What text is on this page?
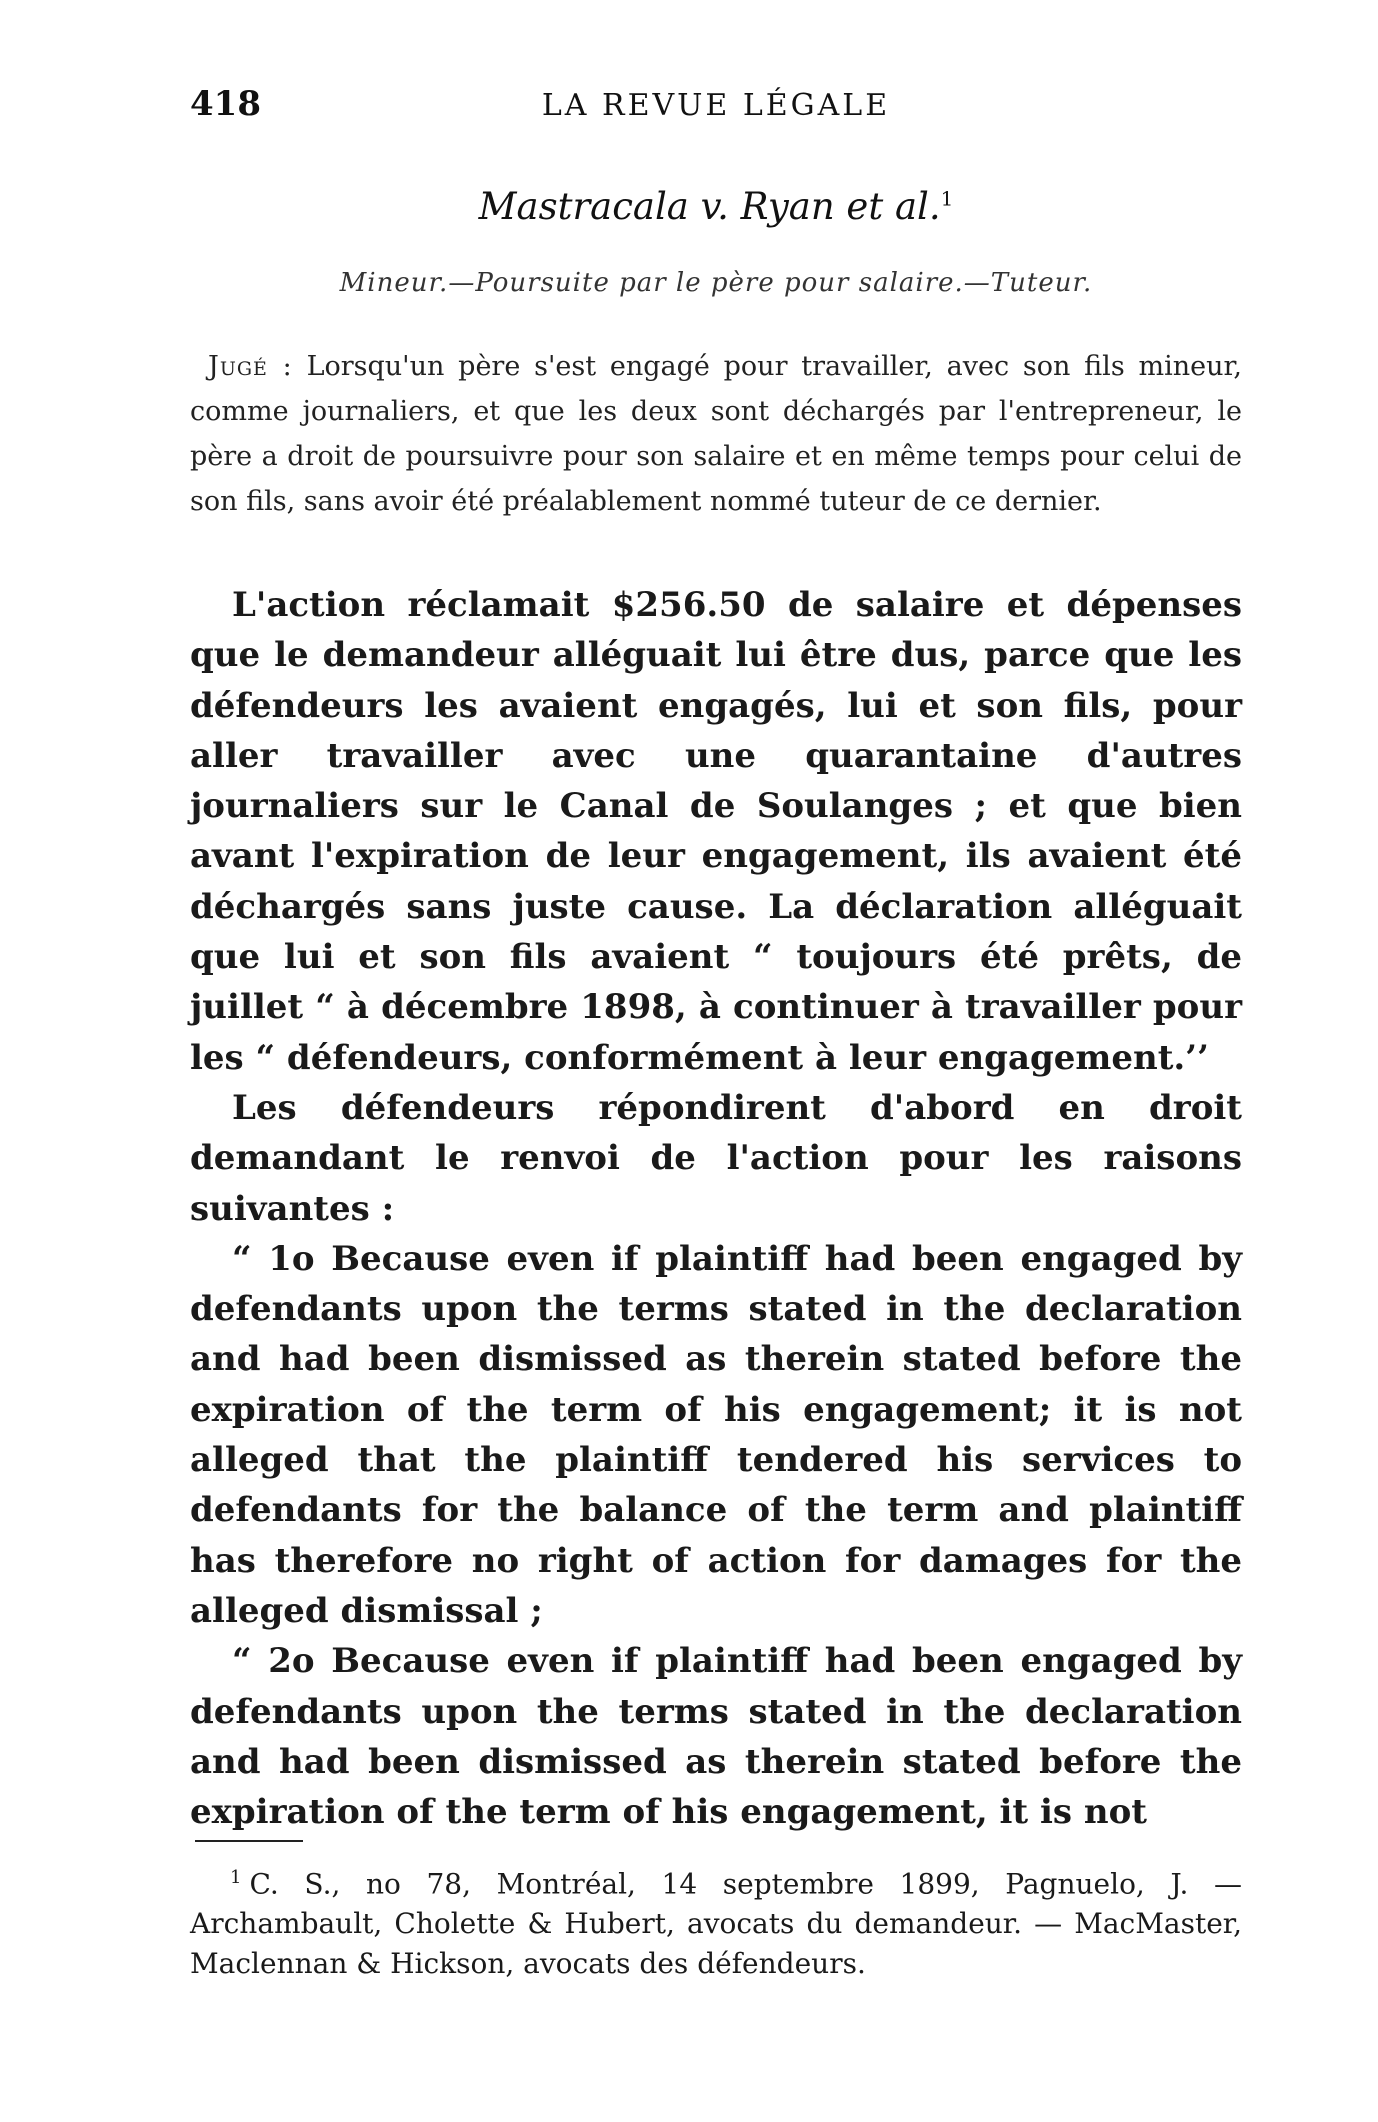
418	LA REVUE LÉGALE
Mastracala v. Ryan et al.$^1$
Mineur.—Poursuite par le père pour salaire.—Tuteur.

Jugé : Lorsqu'un père s'est engagé pour travailler, avec son fils mineur, comme journaliers, et que les deux sont déchargés par l'entrepreneur, le père a droit de poursuivre pour son salaire et en même temps pour celui de son fils, sans avoir été préalablement nommé tuteur de ce dernier.

L'action réclamait $256.50 de salaire et dépenses que le demandeur alléguait lui être dus, parce que les défendeurs les avaient engagés, lui et son fils, pour aller travailler avec une quarantaine d'autres journaliers sur le Canal de Soulanges ; et que bien avant l'expiration de leur engagement, ils avaient été déchargés sans juste cause. La déclaration alléguait que lui et son fils avaient “ toujours été prêts, de juillet “ à décembre 1898, à continuer à travailler pour les “ défendeurs, conformément à leur engagement.’’

Les défendeurs répondirent d'abord en droit demandant le renvoi de l'action pour les raisons suivantes :

“ 1o Because even if plaintiff had been engaged by defendants upon the terms stated in the declaration and had been dismissed as therein stated before the expiration of the term of his engagement; it is not alleged that the plaintiff tendered his services to defendants for the balance of the term and plaintiff has therefore no right of action for damages for the alleged dismissal ;

“ 2o Because even if plaintiff had been engaged by defendants upon the terms stated in the declaration and had been dismissed as therein stated before the expiration of the term of his engagement, it is not

$^1$ C. S., no 78, Montréal, 14 septembre 1899, Pagnuelo, J. — Archambault, Cholette & Hubert, avocats du demandeur. — MacMaster, Maclennan & Hickson, avocats des défendeurs.
